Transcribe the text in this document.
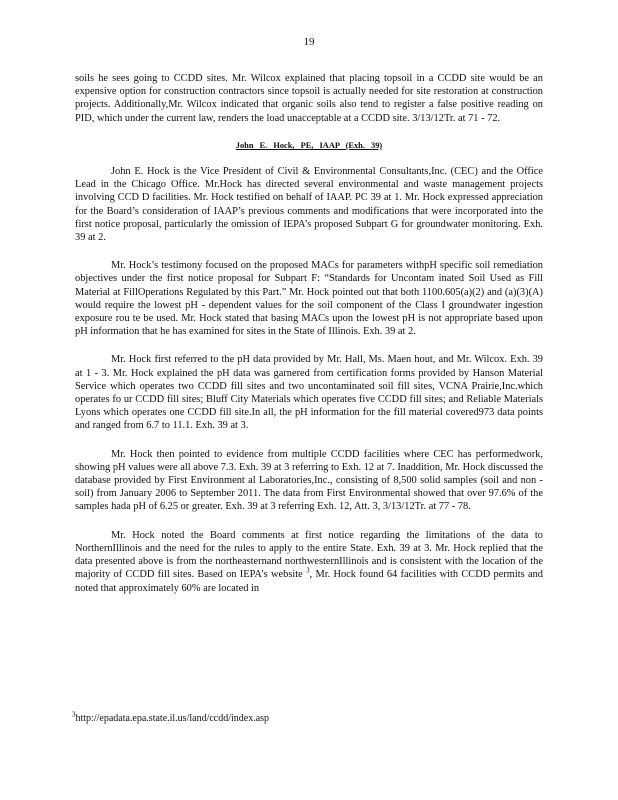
19

soils he sees going to CCDD sites. Mr. Wilcox explained that placing topsoil in a CCDD site would be an expensive option for construction contractors since topsoil is actually needed for site restoration at construction projects. Additionally,Mr. Wilcox indicated that organic soils also tend to register a false positive reading on PID, which under the current law, renders the load unacceptable at a CCDD site. 3/13/12Tr. at 71 - 72.

John E. Hock, PE, IAAP (Exh. 39)

John E. Hock is the Vice President of Civil & Environmental Consultants,Inc. (CEC) and the Office Lead in the Chicago Office. Mr.Hock has directed several environmental and waste management projects involving CCD D facilities. Mr. Hock testified on behalf of IAAP. PC 39 at 1. Mr. Hock expressed appreciation for the Board’s consideration of IAAP’s previous comments and modifications that were incorporated into the first notice proposal, particularly the omission of IEPA’s proposed Subpart G for groundwater monitoring. Exh. 39 at 2.

Mr. Hock’s testimony focused on the proposed MACs for parameters withpH specific soil remediation objectives under the first notice proposal for Subpart F: “Standards for Uncontam inated Soil Used as Fill Material at FillOperations Regulated by this Part.” Mr. Hock pointed out that both 1100.605(a)(2) and (a)(3)(A) would require the lowest pH - dependent values for the soil component of the Class I groundwater ingestion exposure rou te be used. Mr. Hock stated that basing MACs upon the lowest pH is not appropriate based upon pH information that he has examined for sites in the State of Illinois. Exh. 39 at 2.

Mr. Hock first referred to the pH data provided by Mr. Hall, Ms. Maen hout, and Mr. Wilcox. Exh. 39 at 1 - 3. Mr. Hock explained the pH data was garnered from certification forms provided by Hanson Material Service which operates two CCDD fill sites and two uncontaminated soil fill sites, VCNA Prairie,Inc.which operates fo ur CCDD fill sites; Bluff City Materials which operates five CCDD fill sites; and Reliable Materials Lyons which operates one CCDD fill site.In all, the pH information for the fill material covered973 data points and ranged from 6.7 to 11.1. Exh. 39 at 3.

Mr. Hock then pointed to evidence from multiple CCDD facilities where CEC has performedwork, showing pH values were all above 7.3. Exh. 39 at 3 referring to Exh. 12 at 7. Inaddition, Mr. Hock discussed the database provided by First Environment al Laboratories,Inc., consisting of 8,500 solid samples (soil and non - soil) from January 2006 to September 2011. The data from First Environmental showed that over 97.6% of the samples hada pH of 6.25 or greater. Exh. 39 at 3 referring Exh. 12, Att. 3, 3/13/12Tr. at 77 - 78.

Mr. Hock noted the Board comments at first notice regarding the limitations of the data to NorthernIllinois and the need for the rules to apply to the entire State. Exh. 39 at 3. Mr. Hock replied that the data presented above is from the northeasternand northwesternIllinois and is consistent with the location of the majority of CCDD fill sites. Based on IEPA’s website $^3$, Mr. Hock found 64 facilities with CCDD permits and noted that approximately 60% are located in

$^3$http://epadata.epa.state.il.us/land/ccdd/index.asp
